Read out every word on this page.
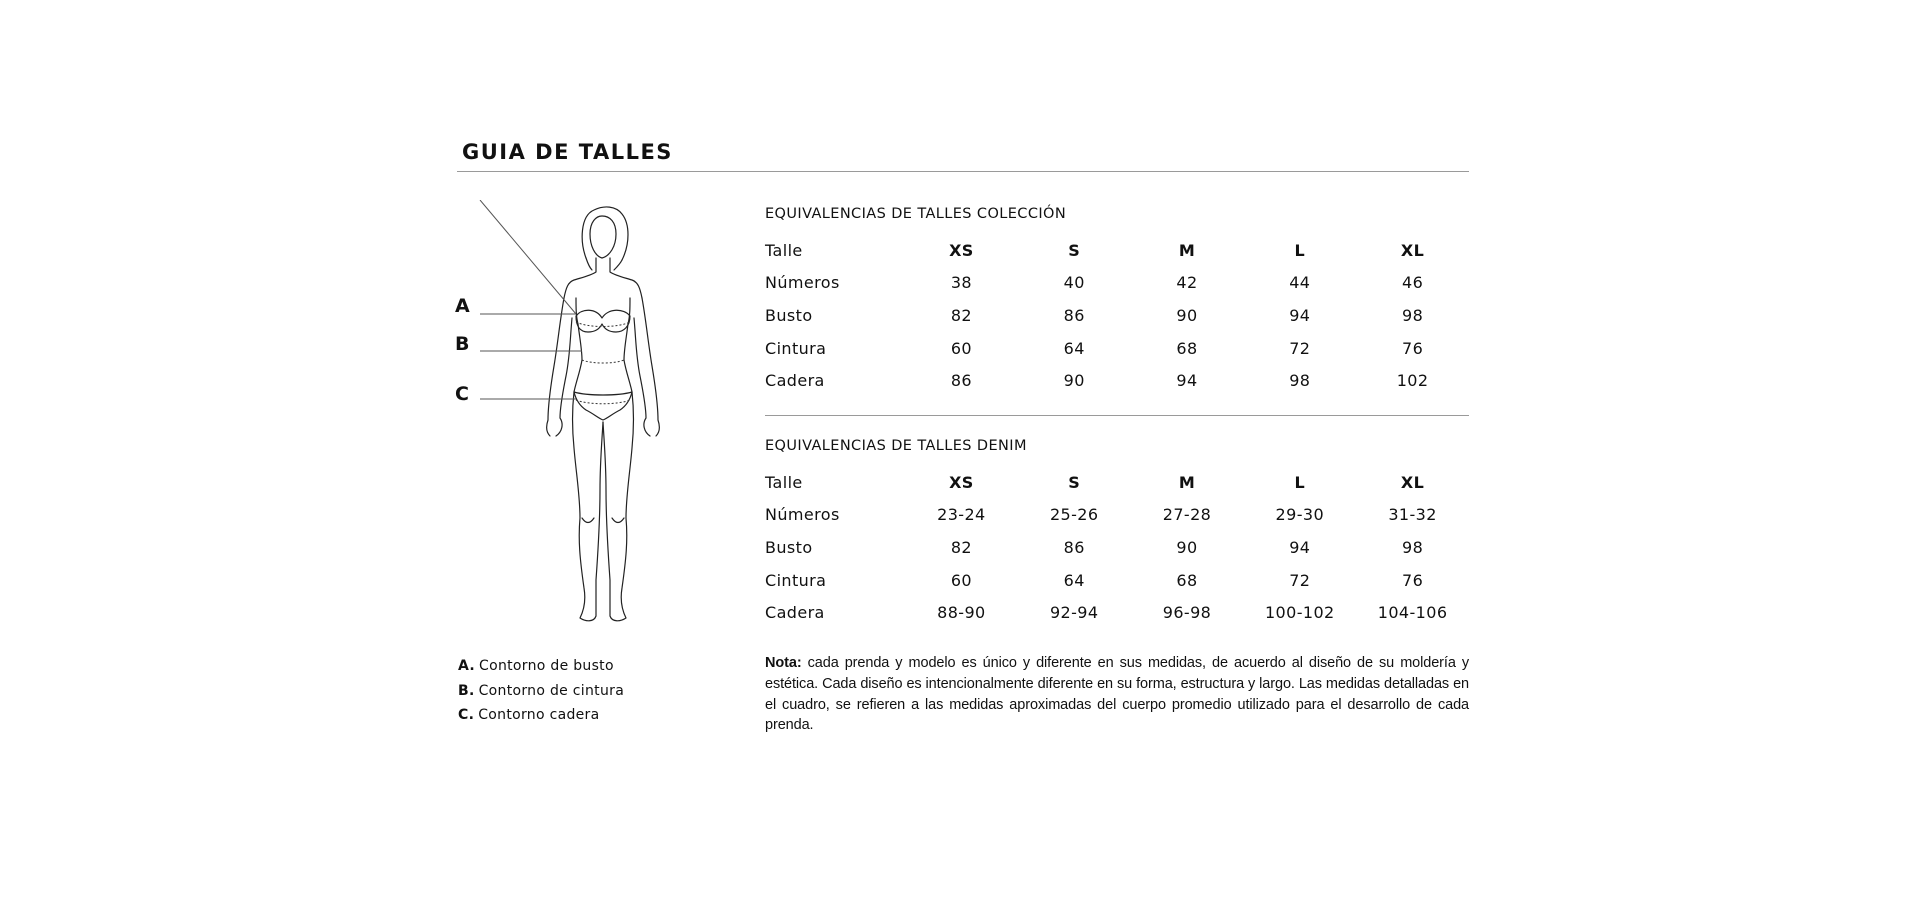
GUIA DE TALLES
A
B
C
A. Contorno de busto
B. Contorno de cintura
C. Contorno cadera
EQUIVALENCIAS DE TALLES COLECCIÓN
Talle	XS	S	M	L	XL
Números	38	40	42	44	46
Busto	82	86	90	94	98
Cintura	60	64	68	72	76
Cadera	86	90	94	98	102
EQUIVALENCIAS DE TALLES DENIM
Talle	XS	S	M	L	XL
Números	23-24	25-26	27-28	29-30	31-32
Busto	82	86	90	94	98
Cintura	60	64	68	72	76
Cadera	88-90	92-94	96-98	100-102	104-106
Nota: cada prenda y modelo es único y diferente en sus medidas, de acuerdo al diseño de su moldería y estética. Cada diseño es intencionalmente diferente en su forma, estructura y largo. Las medidas detalladas en el cuadro, se refieren a las medidas aproximadas del cuerpo promedio utilizado para el desarrollo de cada prenda.
